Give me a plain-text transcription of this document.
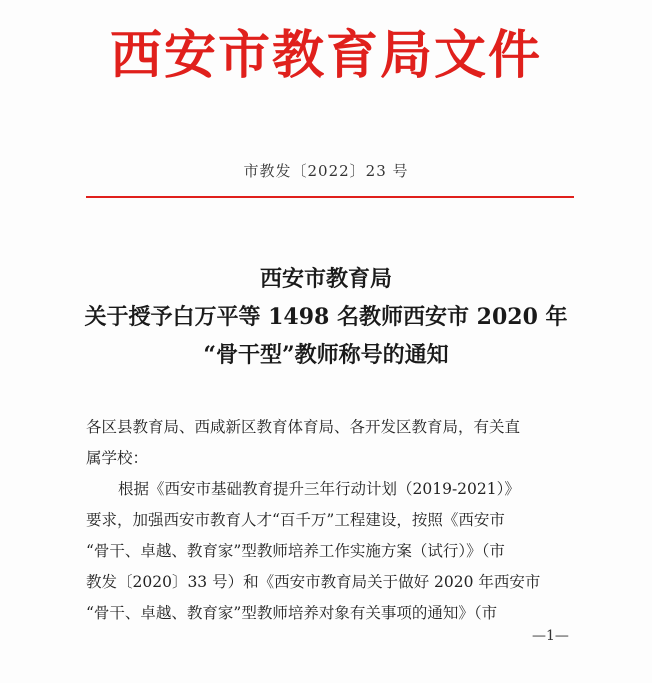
西安市教育局文件
市教发〔2022〕23 号
西安市教育局
关于授予白万平等 1498 名教师西安市 2020 年
“骨干型”教师称号的通知
各区县教育局、西咸新区教育体育局、各开发区教育局，有关直
属学校：
根据《西安市基础教育提升三年行动计划（2019-2021）》
要求，加强西安市教育人才“百千万”工程建设，按照《西安市
“骨干、卓越、教育家”型教师培养工作实施方案（试行）》（市
教发〔2020〕33 号）和《西安市教育局关于做好 2020 年西安市
“骨干、卓越、教育家”型教师培养对象有关事项的通知》（市
—1—
